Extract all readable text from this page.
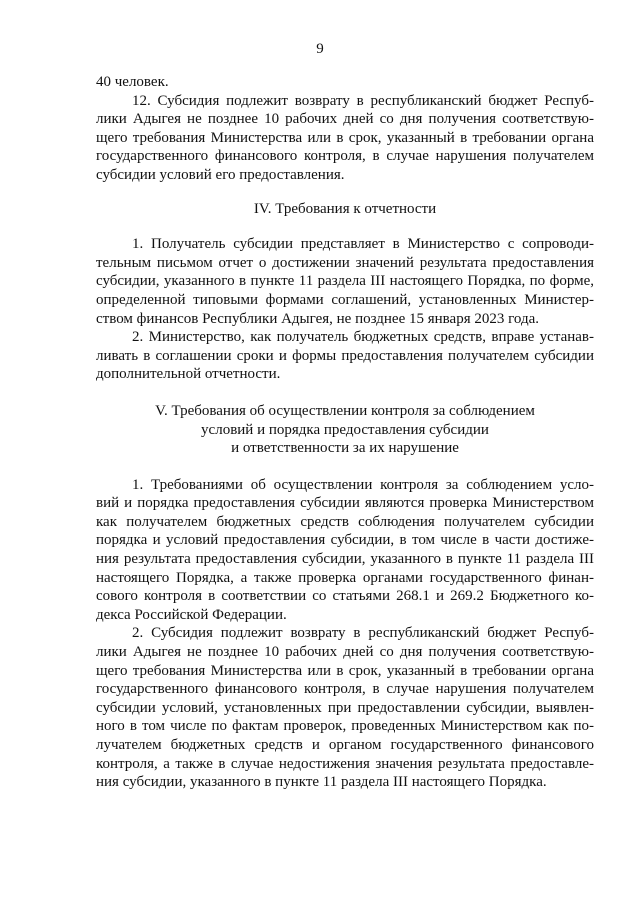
9
40 человек.
12. Субсидия подлежит возврату в республиканский бюджет Респуб-
лики Адыгея не позднее 10 рабочих дней со дня получения соответствую-
щего требования Министерства или в срок, указанный в требовании органа
государственного финансового контроля, в случае нарушения получателем
субсидии условий его предоставления.
IV. Требования к отчетности
1. Получатель субсидии представляет в Министерство с сопроводи-
тельным письмом отчет о достижении значений результата предоставления
субсидии, указанного в пункте 11 раздела III настоящего Порядка, по форме,
определенной типовыми формами соглашений, установленных Министер-
ством финансов Республики Адыгея, не позднее 15 января 2023 года.
2. Министерство, как получатель бюджетных средств, вправе устанав-
ливать в соглашении сроки и формы предоставления получателем субсидии
дополнительной отчетности.
V. Требования об осуществлении контроля за соблюдением
условий и порядка предоставления субсидии
и ответственности за их нарушение
1. Требованиями об осуществлении контроля за соблюдением усло-
вий и порядка предоставления субсидии являются проверка Министерством
как получателем бюджетных средств соблюдения получателем субсидии
порядка и условий предоставления субсидии, в том числе в части достиже-
ния результата предоставления субсидии, указанного в пункте 11 раздела III
настоящего Порядка, а также проверка органами государственного финан-
сового контроля в соответствии со статьями 268.1 и 269.2 Бюджетного ко-
декса Российской Федерации.
2. Субсидия подлежит возврату в республиканский бюджет Респуб-
лики Адыгея не позднее 10 рабочих дней со дня получения соответствую-
щего требования Министерства или в срок, указанный в требовании органа
государственного финансового контроля, в случае нарушения получателем
субсидии условий, установленных при предоставлении субсидии, выявлен-
ного в том числе по фактам проверок, проведенных Министерством как по-
лучателем бюджетных средств и органом государственного финансового
контроля, а также в случае недостижения значения результата предоставле-
ния субсидии, указанного в пункте 11 раздела III настоящего Порядка.
